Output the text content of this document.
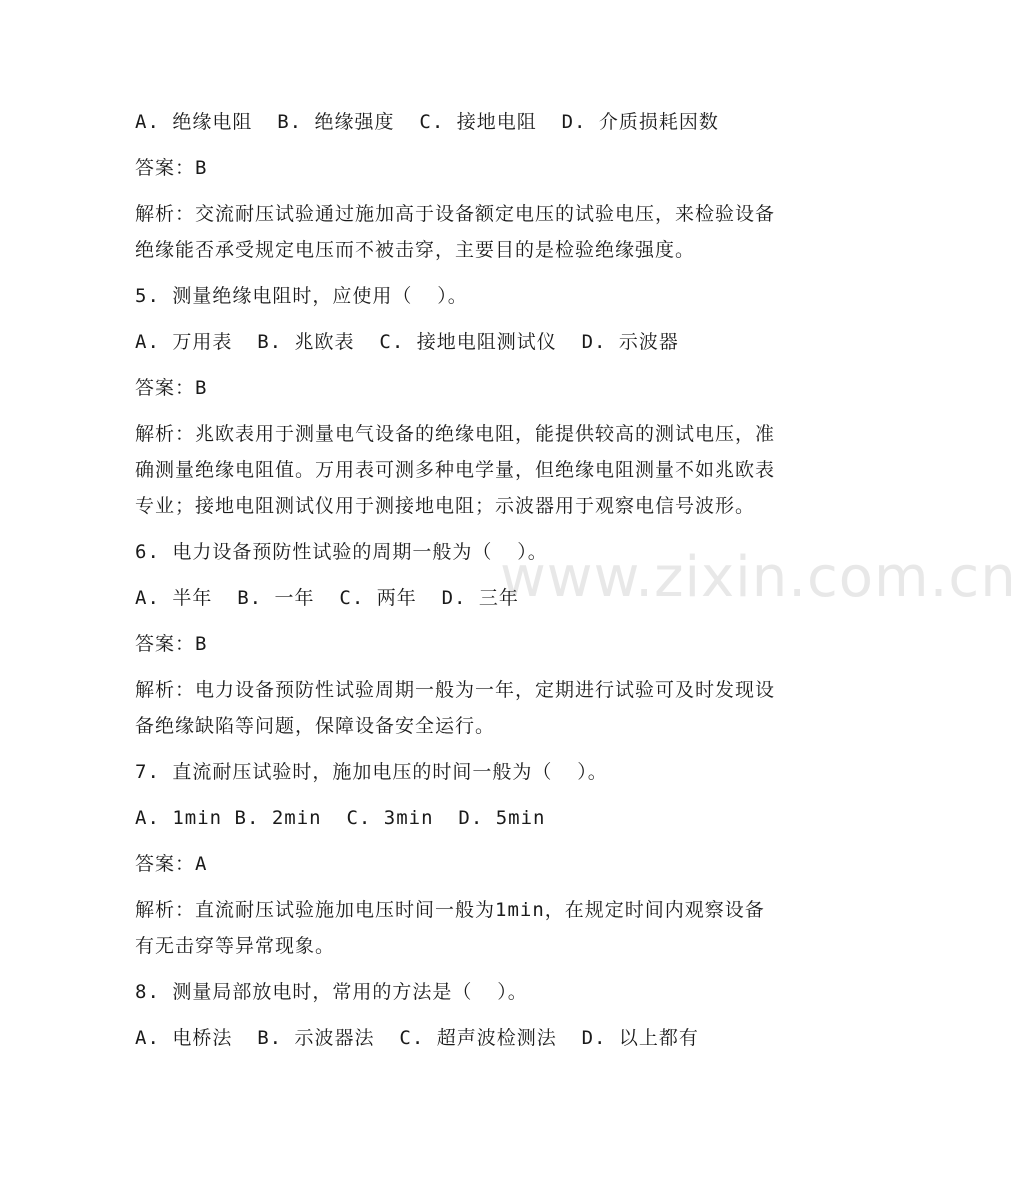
www.zixin.com.cn

A. 绝缘电阻  B. 绝缘强度  C. 接地电阻  D. 介质损耗因数

答案：B

解析：交流耐压试验通过施加高于设备额定电压的试验电压，来检验设备绝缘能否承受规定电压而不被击穿，主要目的是检验绝缘强度。

5. 测量绝缘电阻时，应使用（  ）。

A. 万用表  B. 兆欧表  C. 接地电阻测试仪  D. 示波器

答案：B

解析：兆欧表用于测量电气设备的绝缘电阻，能提供较高的测试电压，准确测量绝缘电阻值。万用表可测多种电学量，但绝缘电阻测量不如兆欧表专业；接地电阻测试仪用于测接地电阻；示波器用于观察电信号波形。

6. 电力设备预防性试验的周期一般为（  ）。

A. 半年  B. 一年  C. 两年  D. 三年

答案：B

解析：电力设备预防性试验周期一般为一年，定期进行试验可及时发现设备绝缘缺陷等问题，保障设备安全运行。

7. 直流耐压试验时，施加电压的时间一般为（  ）。

A. 1min B. 2min  C. 3min  D. 5min

答案：A

解析：直流耐压试验施加电压时间一般为1min，在规定时间内观察设备有无击穿等异常现象。

8. 测量局部放电时，常用的方法是（  ）。

A. 电桥法  B. 示波器法  C. 超声波检测法  D. 以上都有
